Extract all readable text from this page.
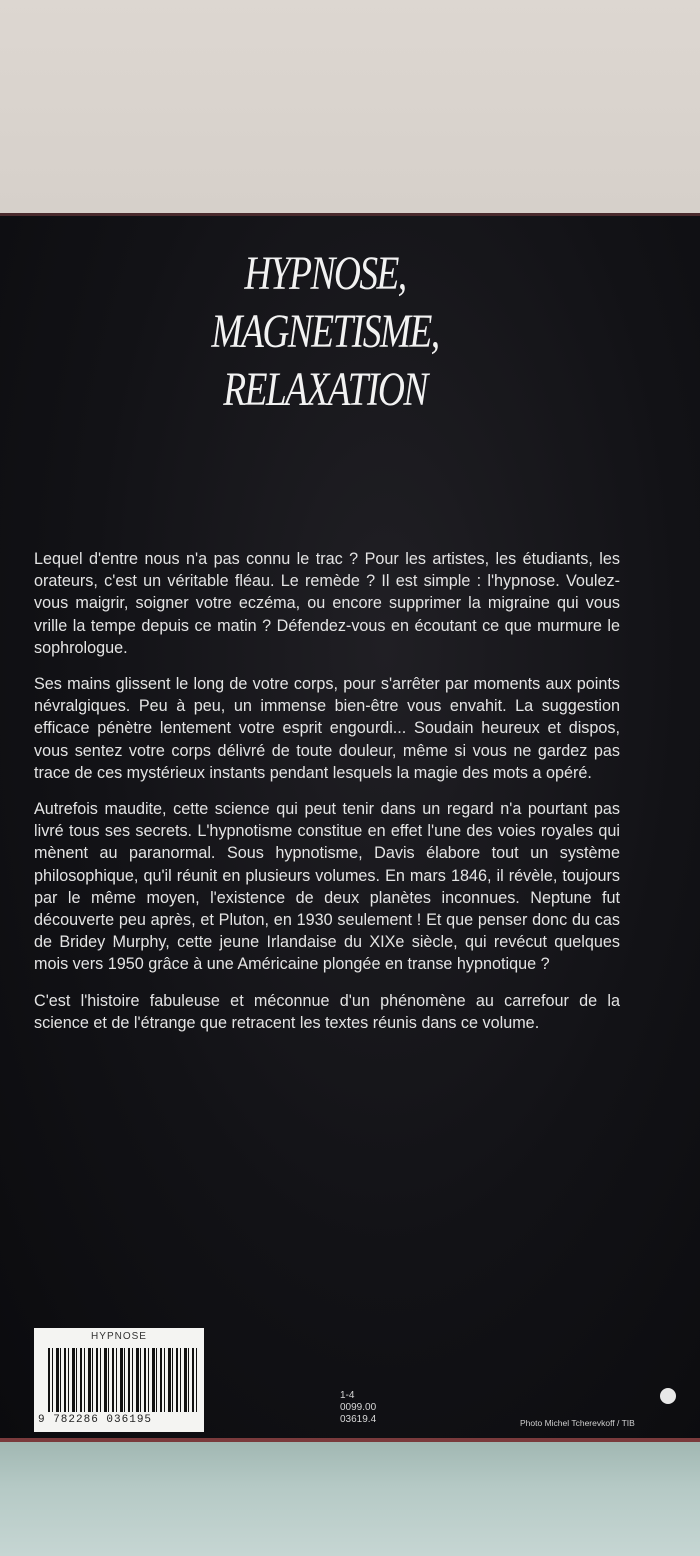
HYPNOSE,
MAGNETISME,
RELAXATION

Lequel d'entre nous n'a pas connu le trac ? Pour les artistes, les étudiants, les orateurs, c'est un véritable fléau. Le remède ? Il est simple : l'hypnose. Voulez-vous maigrir, soigner votre eczéma, ou encore supprimer la migraine qui vous vrille la tempe depuis ce matin ? Défendez-vous en écoutant ce que murmure le sophrologue.

Ses mains glissent le long de votre corps, pour s'arrêter par moments aux points névralgiques. Peu à peu, un immense bien-être vous envahit. La suggestion efficace pénètre lentement votre esprit engourdi... Soudain heureux et dispos, vous sentez votre corps délivré de toute douleur, même si vous ne gardez pas trace de ces mystérieux instants pendant lesquels la magie des mots a opéré.

Autrefois maudite, cette science qui peut tenir dans un regard n'a pourtant pas livré tous ses secrets. L'hypnotisme constitue en effet l'une des voies royales qui mènent au paranormal. Sous hypnotisme, Davis élabore tout un système philosophique, qu'il réunit en plusieurs volumes. En mars 1846, il révèle, toujours par le même moyen, l'existence de deux planètes inconnues. Neptune fut découverte peu après, et Pluton, en 1930 seulement ! Et que penser donc du cas de Bridey Murphy, cette jeune Irlandaise du XIXe siècle, qui revécut quelques mois vers 1950 grâce à une Américaine plongée en transe hypnotique ?

C'est l'histoire fabuleuse et méconnue d'un phénomène au carrefour de la science et de l'étrange que retracent les textes réunis dans ce volume.

HYPNOSE
9 782286 036195
1-4
0099.00
03619.4	Photo Michel Tcherevkoff / TIB
